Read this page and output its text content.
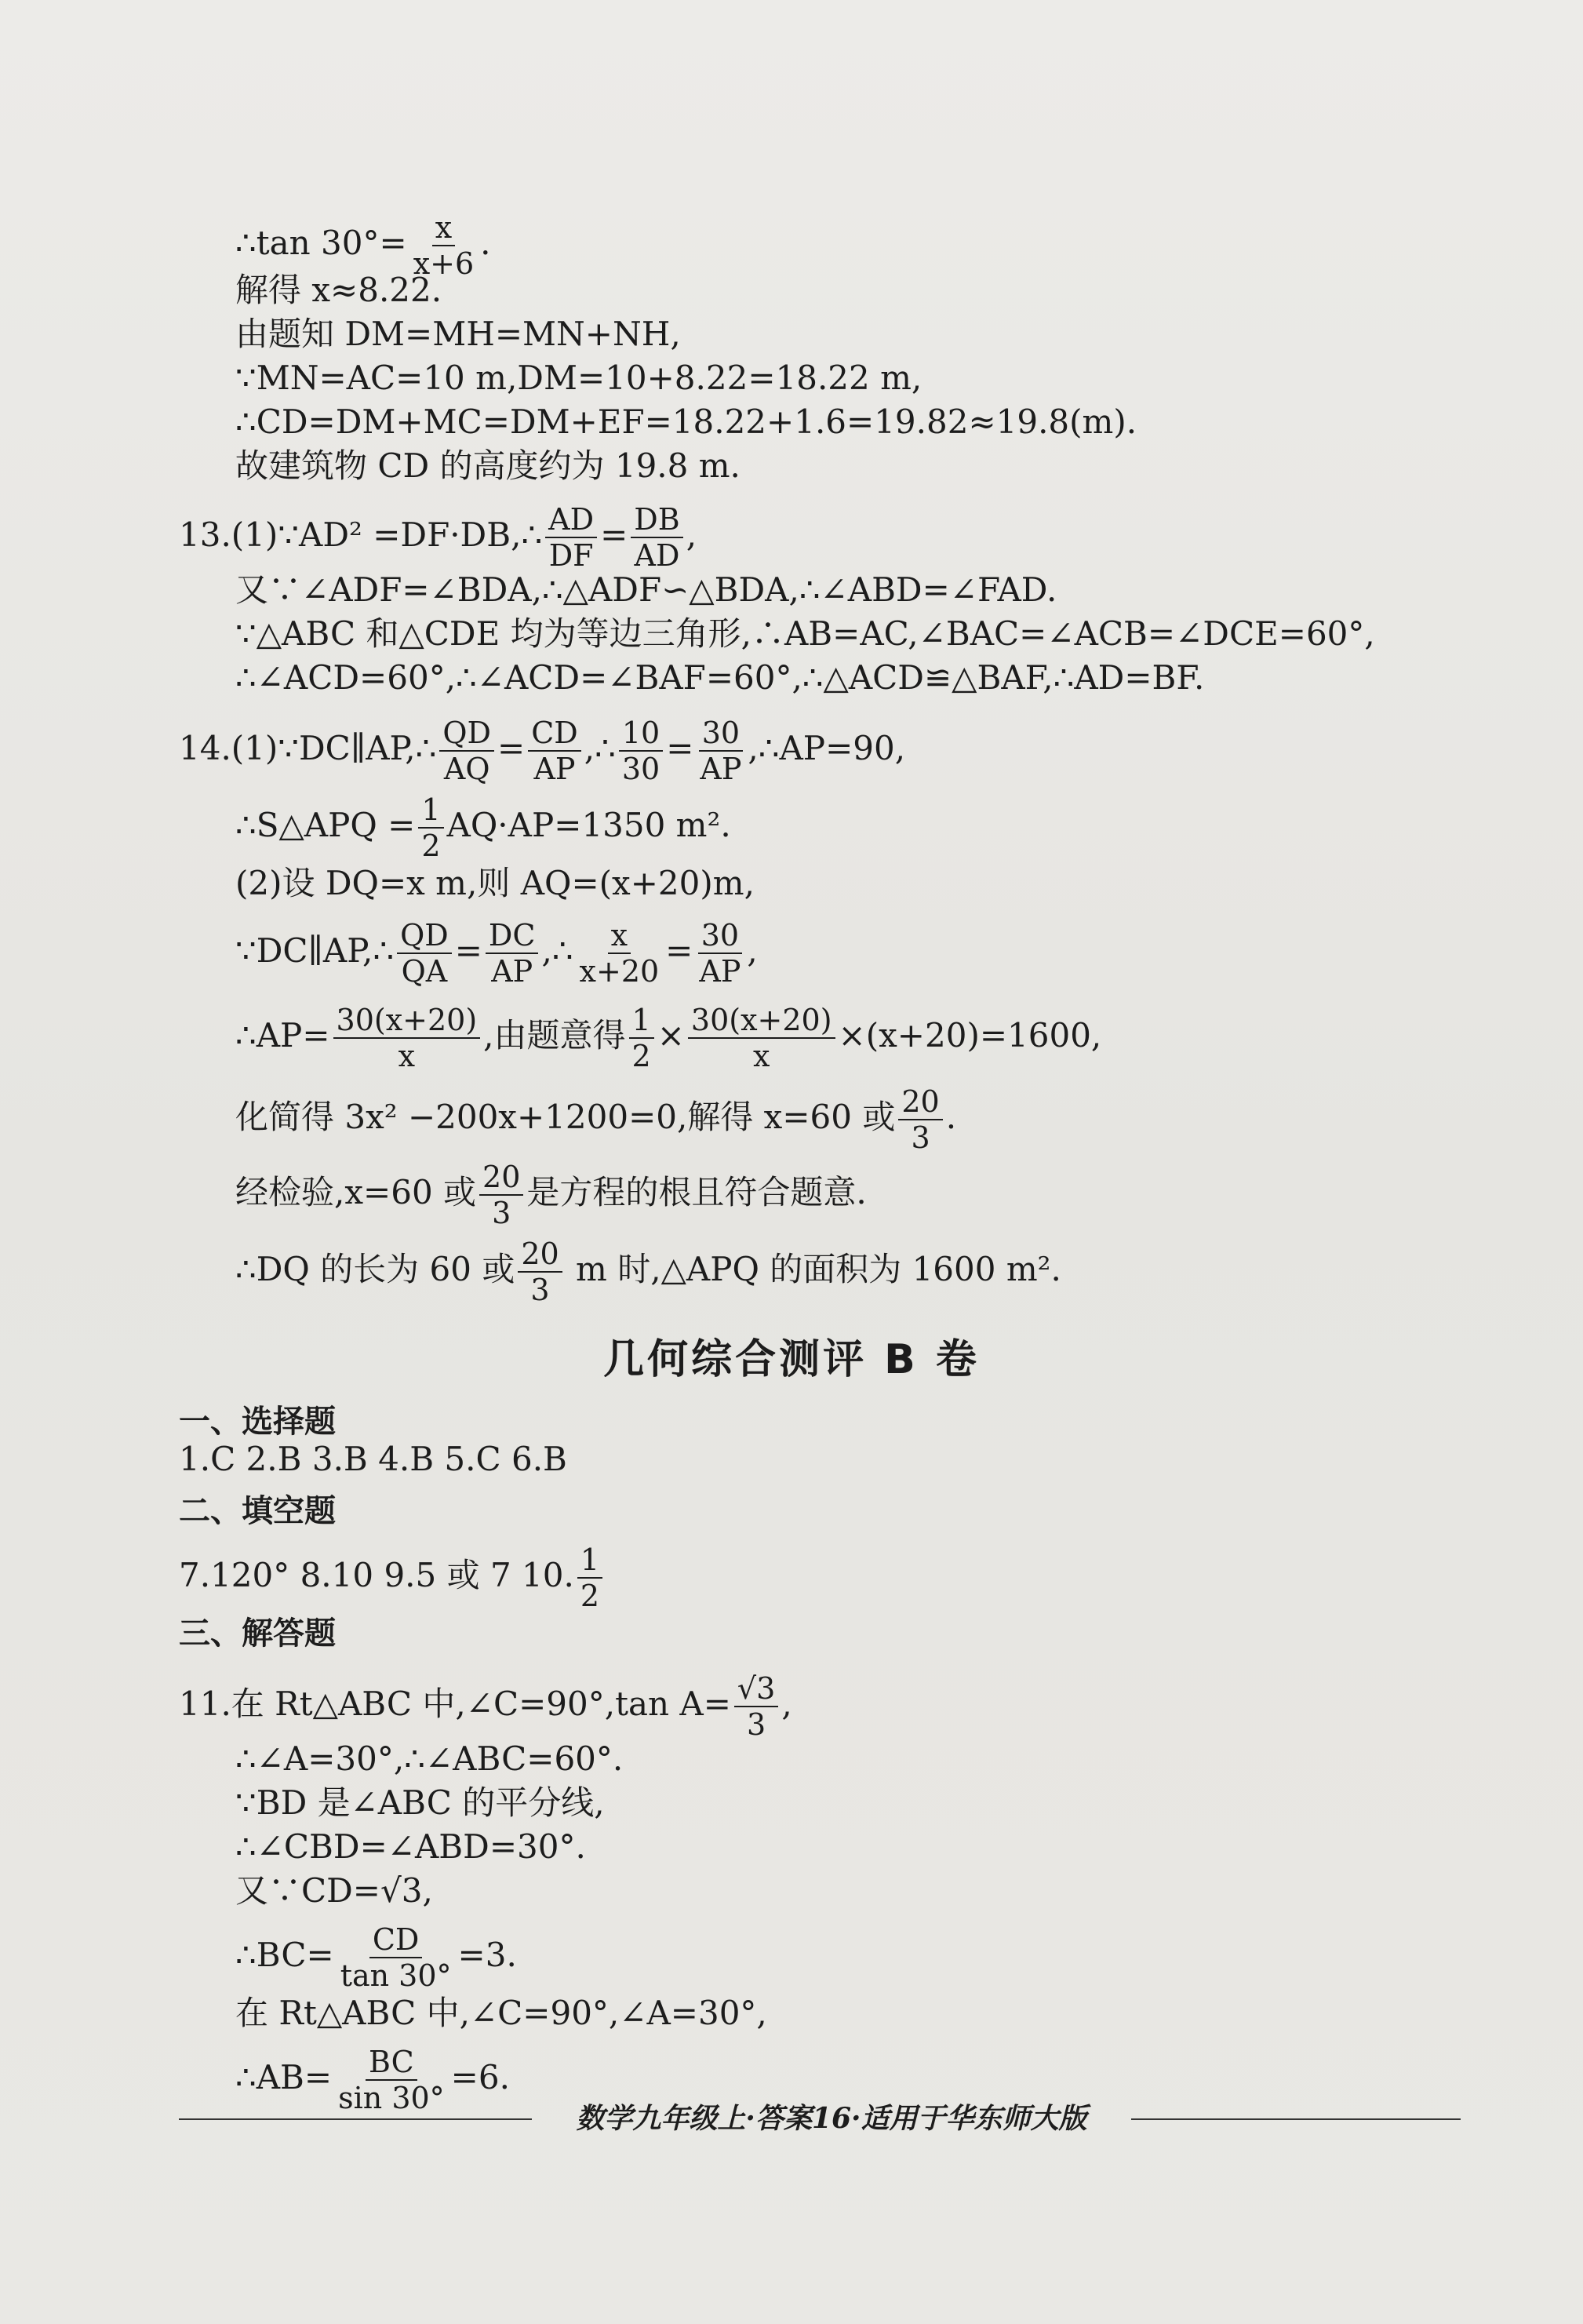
∴tan $30^\circ= \frac{x}{x+6}$ .
解得 x≈8.22.
由题知 DM=MH=MN+NH,
∵MN=AC=10 m,DM=10+8.22=18.22 m,
∴CD=DM+MC=DM+EF=18.22+1.6=19.82≈19.8(m).
故建筑物 CD 的高度约为 19.8 m.
13.(1)∵AD² =DF·DB,∴ $\frac{AD}{DF} = \frac{DB}{AD}$ ,
又∵∠ADF=∠BDA,∴△ADF∽△BDA,∴∠ABD=∠FAD.
∵△ABC 和△CDE 均为等边三角形,∴AB=AC,∠BAC=∠ACB=∠DCE=60°,
∴∠ACD=60°,∴∠ACD=∠BAF=60°,∴△ACD≌△BAF,∴AD=BF.
14.(1)∵DC∥AP,∴ $\frac{QD}{AQ} = \frac{CD}{AP}$ ,∴ $\frac{10}{30} = \frac{30}{AP}$ ,∴AP=90,
∴S△APQ = $\frac{1}{2} AQ\cdot AP=1350$ m².
(2)设 DQ=x m,则 AQ=(x+20)m,
∵DC∥AP,∴ $\frac{QD}{QA} = \frac{DC}{AP}$ ,∴ $\frac{x}{x+20} = \frac{30}{AP}$ ,
∴AP= $\frac{30(x+20)}{x}$ ,由题意得 $\frac{1}{2} \times \frac{30(x+20)}{x} \times(x+20)=1600$,
化简得 3x² −200x+1200=0,解得 x=60 或 $\frac{20}{3}$ .
经检验,x=60 或 $\frac{20}{3}$ 是方程的根且符合题意.
∴DQ 的长为 60 或 $\frac{20}{3}$ m 时,△APQ 的面积为 1600 m².
几何综合测评 B 卷
一、选择题
1.C 2.B 3.B 4.B 5.C 6.B
二、填空题
7.120° 8.10 9.5 或 7 10. $\frac{1}{2}$
三、解答题
11.在 Rt△ABC 中,∠C=90°,tan $A= \frac{√3}{3}$ ,
∴∠A=30°,∴∠ABC=60°.
∵BD 是∠ABC 的平分线,
∴∠CBD=∠ABD=30°.
又∵CD=√3,
∴BC= $\frac{CD}{\tan 30^\circ} =3$.
在 Rt△ABC 中,∠C=90°,∠A=30°,
∴AB= $\frac{BC}{\sin 30^\circ} =6$.
数学九年级上·答案16·适用于华东师大版
